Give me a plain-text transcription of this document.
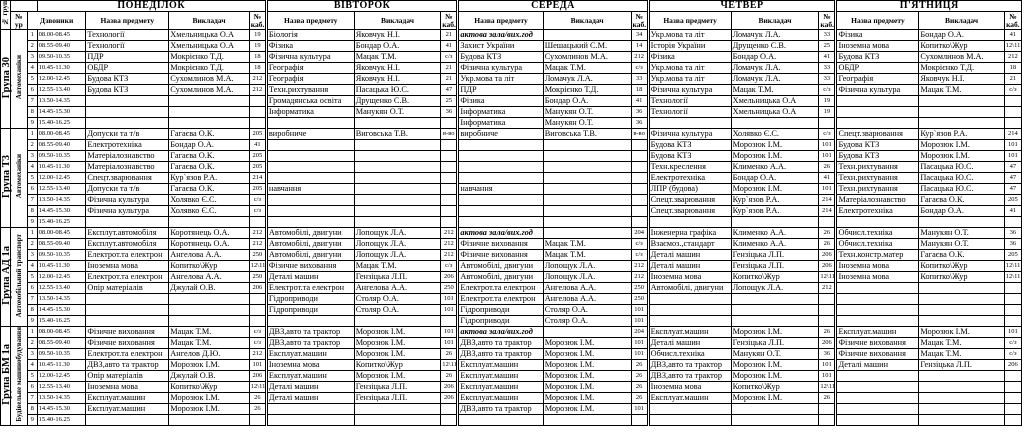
№ груп			ПОНЕДІЛОК				ВІВТОРОК			СЕРЕДА			ЧЕТВЕР			П'ЯТНИЦЯ		
	№ ур	Дзвоники		Назва предмету	Викладач	№ каб.	Назва предмету	Викладач	№ каб.	Назва предмету	Викладач	№ каб.	Назва предмету	Викладач	№ каб.	Назва предмету	Викладач	№ каб.
Група 30	Автомеханіки	1	08.00-08.45	Технології	Хмельницька О.А	19	Біологія	Яковчук Н.І.	21	актова зала/вих.год		34	Укр.мова та літ	Ломачук Л.А.	33	Фізика	Бондар О.А.	41
		2	08.55-09.40	Технології	Хмельницька О.А	19	Фізика	Бондар О.А.	41	Захист України	Шешацький С.М.	14	Історія України	Друщенко С.В.	25	Іноземна мова	Копитко\Жур	12\11
		3	09.50-10.35	ПДР	Мокрієнко Т.Д.	18	Фізична культура	Мацак Т.М.	с/з	Будова КТЗ	Сухомлинов М.А.	212	Фізика	Бондар О.А.	41	Будова КТЗ	Сухомлинов М.А.	212
		4	10.45-11.30	ОБДР	Мокрієнко Т.Д.	18	Географія	Яковчук Н.І.	21	Фізична культура	Мацак Т.М.	с/з	Укр.мова та літ	Ломачук Л.А.	33	ОБДР	Мокрієнко Т.Д.	18
		5	12.00-12.45	Будова КТЗ	Сухомлинов М.А.	212	Географія	Яковчук Н.І.	21	Укр.мова та літ	Ломачук Л.А.	33	Укр.мова та літ	Ломачук Л.А.	33	Географія	Яковчук Н.І.	21
		6	12.55-13.40	Будова КТЗ	Сухомлинов М.А.	212	Техн.рихтування	Пасацька Ю.С.	47	ПДР	Мокрієнко Т.Д.	18	Фізична культура	Мацак Т.М.	с/з	Фізична культура	Мацак Т.М.	с/з
		7	13.50-14.35				Громадянська освіта	Друщенко С.В.	25	Фізика	Бондар О.А.	41	Технології	Хмельницька О.А	19			
		8	14.45-15.30				Інформатика	Манукян О.Т.	36	Інформатика	Манукян О.Т.	36	Технології	Хмельницька О.А	19			
		9	15.40-16.25							Інформатика	Манукян О.Т.	36						
Група Т3	Автомеханіки	1	08.00-08.45	Допуски та т/в	Гагаєва О.К.	205	виробниче	Виговська Т.В.	в-во	виробниче	Виговська Т.В.	в-во	Фізична культура	Холявко Є.С.	с/з	Спецт.зварювання	Кур`язов Р.А.	214
		2	08.55-09.40	Електротехніка	Бондар О.А.	41							Будова КТЗ	Морозюк І.М.	101	Будова КТЗ	Морозюк І.М.	101
		3	09.50-10.35	Матеріалознавство	Гагаєва О.К.	205							Будова КТЗ	Морозюк І.М.	101	Будова КТЗ	Морозюк І.М.	101
		4	10.45-11.30	Матеріалознавство	Гагаєва О.К.	205							Техн.креслення	Клименко А.А.	26	Техн.рихтування	Пасацька Ю.С.	47
		5	12.00-12.45	Спецт.зварювання	Кур`язов Р.А.	214							Електротехніка	Бондар О.А.	41	Техн.рихтування	Пасацька Ю.С.	47
		6	12.55-13.40	Допуски та т/в	Гагаєва О.К.	205	навчання			навчання			ЛПР (будова)	Морозюк І.М.	101	Техн.рихтування	Пасацька Ю.С.	47
		7	13.50-14.35	Фізична культура	Холявко Є.С.	с/з							Спецт.зварювання	Кур`язов Р.А.	214	Матеріалознавство	Гагаєва О.К.	205
		8	14.45-15.30	Фізична культура	Холявко Є.С.	с/з							Спецт.зварювання	Кур`язов Р.А.	214	Електротехніка	Бондар О.А.	41
		9	15.40-16.25															
Група АД 1а	Автомобільний транспорт	1	08.00-08.45	Експлут.автомобіля	Коротянець О.А.	212	Автомобілі, двигуни	Лопощук Л.А.	212	актова зала/вих.год		204	Інженерна графіка	Клименко А.А.	26	Обчисл.техніка	Манукян О.Т.	36
		2	08.55-09.40	Експлут.автомобіля	Коротянець О.А.	212	Автомобілі, двигуни	Лопощук Л.А.	212	Фізичне виховання	Мацак Т.М.	с/з	Взаємоз.,стандарт	Клименко А.А.	26	Обчисл.техніка	Манукян О.Т.	36
		3	09.50-10.35	Електрот.та електрон	Ангелова А.А.	250	Автомобілі, двигуни	Лопощук Л.А.	212	Фізичне виховання	Мацак Т.М.	с/з	Деталі машин	Гензіцька Л.П.	206	Техн.констр.матер	Гагаєва О.К.	205
		4	10.45-11.30	Іноземна мова	Копитко\Жур	12\11	Фізичне виховання	Мацак Т.М.	с/з	Автомобілі, двигуни	Лопощук Л.А.	212	Деталі машин	Гензіцька Л.П.	206	Іноземна мова	Копитко\Жур	12\11
		5	12.00-12.45	Електрот.та електрон	Ангелова А.А.	250	Деталі машин	Гензіцька Л.П.	206	Автомобілі, двигуни	Лопощук Л.А.	212	Іноземна мова	Копитко\Жур	12\11	Іноземна мова	Копитко\Жур	12\11
		6	12.55-13.40	Опір матеріалів	Джулай О.В.	206	Електрот.та електрон	Ангелова А.А.	250	Електрот.та електрон	Ангелова А.А.	250	Автомобілі, двигуни	Лопощук Л.А.	212			
		7	13.50-14.35				Гідроприводи	Столяр О.А.	101	Електрот.та електрон	Ангелова А.А.	250						
		8	14.45-15.30				Гідроприводи	Столяр О.А.	101	Гідроприводи	Столяр О.А.	101						
		9	15.40-16.25							Гідроприводи	Столяр О.А.	101						
Група БМ 1а	Будівельне машинобудування	1	08.00-08.45	Фізичне виховання	Мацак Т.М.	с/з	ДВЗ,авто та трактор	Морозюк І.М.	101	актова зала/вих.год		204	Експлуат.машин	Морозюк І.М.	26	Експлуат.машин	Морозюк І.М.	101
		2	08.55-09.40	Фізичне виховання	Мацак Т.М.	с/з	ДВЗ,авто та трактор	Морозюк І.М.	101	ДВЗ,авто та трактор	Морозюк І.М.	101	Деталі машин	Гензіцька Л.П.	206	Фізичне виховання	Мацак Т.М.	с/з
		3	09.50-10.35	Електрот.та електрон	Ангелов Д.Ю.	212	Експлуат.машин	Морозюк І.М.	26	ДВЗ,авто та трактор	Морозюк І.М.	101	Обчисл.техніка	Манукян О.Т.	36	Фізичне виховання	Мацак Т.М.	с/з
		4	10.45-11.30	ДВЗ,авто та трактор	Морозюк І.М.	101	Іноземна мова	Копитко\Жур	12\11	Експлуат.машин	Морозюк І.М.	26	ДВЗ,авто та трактор	Морозюк І.М.	101	Деталі машин	Гензіцька Л.П.	206
		5	12.00-12.45	Опір матеріалів	Джулай О.В.	206	Експлуат.машин	Морозюк І.М.	26	Експлуат.машин	Морозюк І.М.	26	ДВЗ,авто та трактор	Морозюк І.М.	101			
		6	12.55-13.40	Іноземна мова	Копитко\Жур	12\11	Деталі машин	Гензіцька Л.П.	206	Експлуат.машин	Морозюк І.М.	26	Іноземна мова	Копитко\Жур	12\11			
		7	13.50-14.35	Експлуат.машин	Морозюк І.М.	26	Деталі машин	Гензіцька Л.П.	206	Експлуат.машин	Морозюк І.М.	26	Експлуат.машин	Морозюк І.М.	26			
		8	14.45-15.30	Експлуат.машин	Морозюк І.М.	26				ДВЗ,авто та трактор	Морозюк І.М.	101						
		9	15.40-16.25															
